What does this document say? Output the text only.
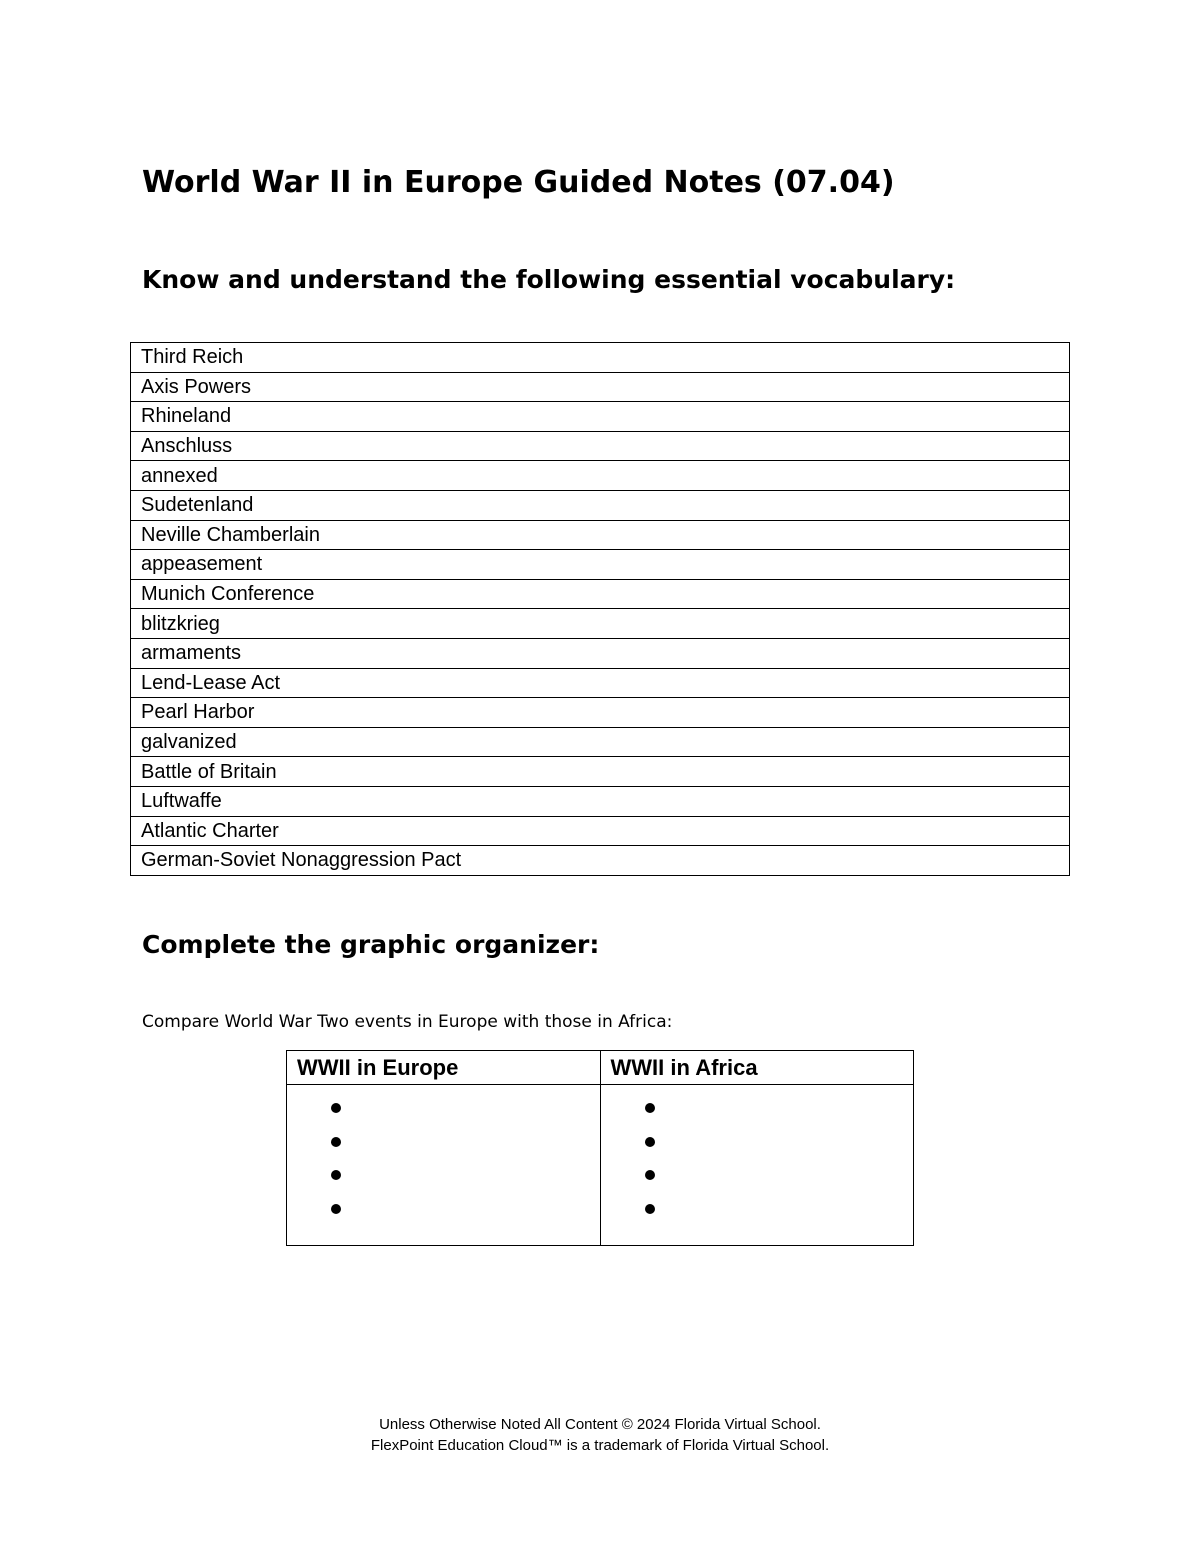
World War II in Europe Guided Notes (07.04)
Know and understand the following essential vocabulary:
Third Reich
Axis Powers
Rhineland
Anschluss
annexed
Sudetenland
Neville Chamberlain
appeasement
Munich Conference
blitzkrieg
armaments
Lend-Lease Act
Pearl Harbor
galvanized
Battle of Britain
Luftwaffe
Atlantic Charter
German-Soviet Nonaggression Pact
Complete the graphic organizer:

Compare World War Two events in Europe with those in Africa:

WWII in Europe	WWII in Africa

Unless Otherwise Noted All Content © 2024 Florida Virtual School.

FlexPoint Education Cloud™ is a trademark of Florida Virtual School.
